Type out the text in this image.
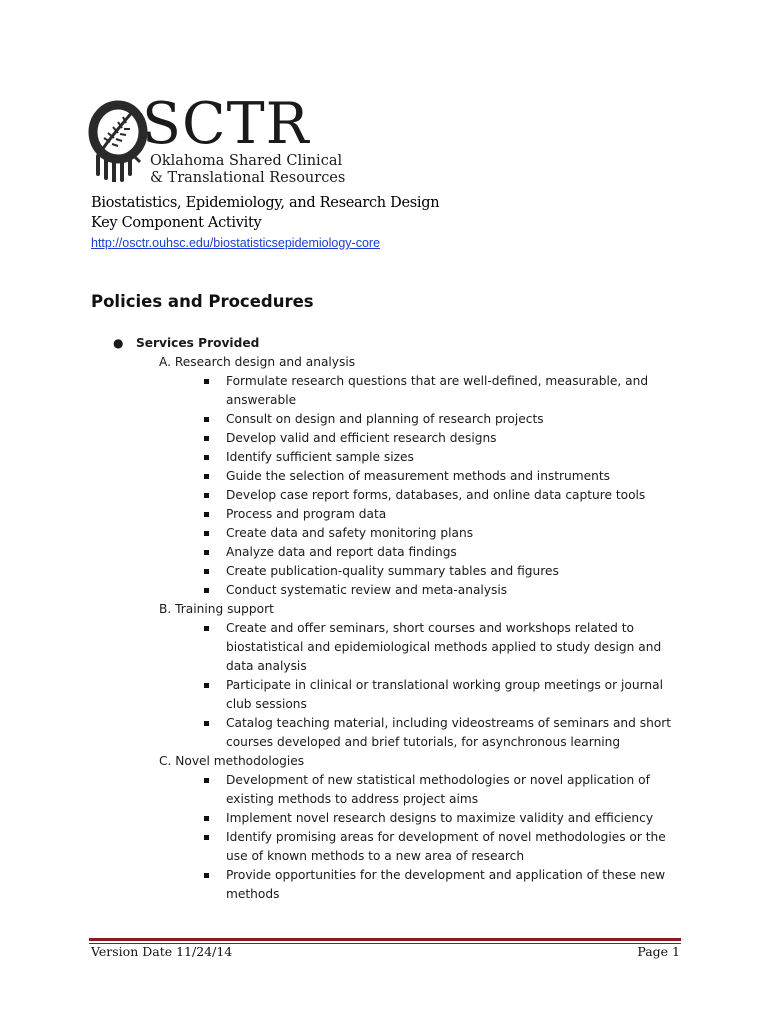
SCTR
Oklahoma Shared Clinical
& Translational Resources
Biostatistics, Epidemiology, and Research Design
Key Component Activity
http://osctr.ouhsc.edu/biostatisticsepidemiology-core
Policies and Procedures
● Services Provided
A. Research design and analysis
Formulate research questions that are well-defined, measurable, and
answerable
Consult on design and planning of research projects
Develop valid and efficient research designs
Identify sufficient sample sizes
Guide the selection of measurement methods and instruments
Develop case report forms, databases, and online data capture tools
Process and program data
Create data and safety monitoring plans
Analyze data and report data findings
Create publication-quality summary tables and figures
Conduct systematic review and meta-analysis
B. Training support
Create and offer seminars, short courses and workshops related to
biostatistical and epidemiological methods applied to study design and
data analysis
Participate in clinical or translational working group meetings or journal
club sessions
Catalog teaching material, including videostreams of seminars and short
courses developed and brief tutorials, for asynchronous learning
C. Novel methodologies
Development of new statistical methodologies or novel application of
existing methods to address project aims
Implement novel research designs to maximize validity and efficiency
Identify promising areas for development of novel methodologies or the
use of known methods to a new area of research
Provide opportunities for the development and application of these new
methods
Version Date 11/24/14	Page 1
